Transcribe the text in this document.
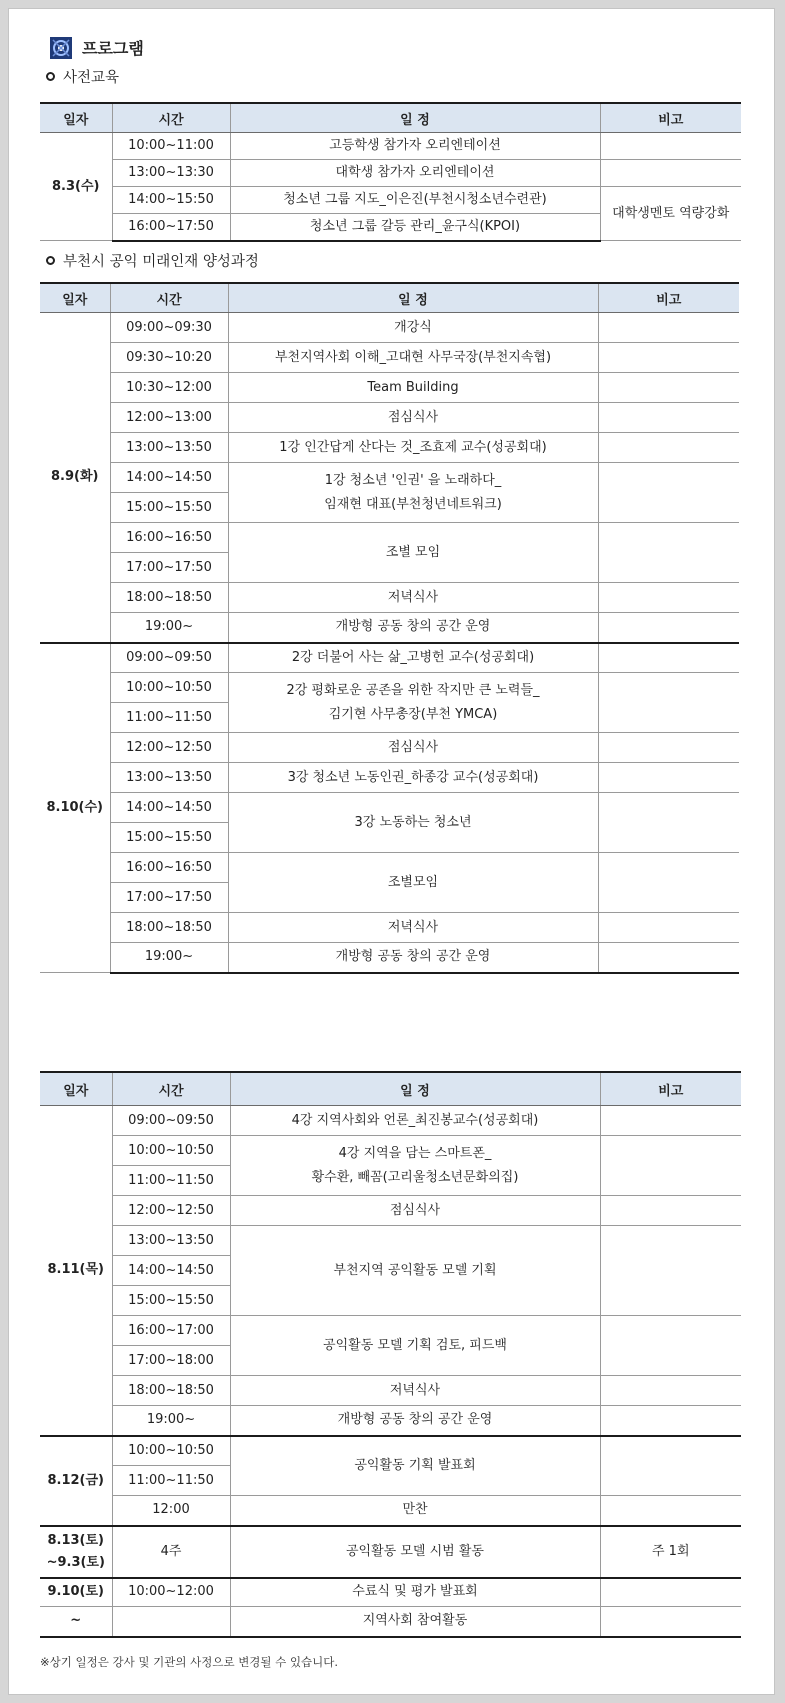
프로그램
사전교육
일자	시간	일 정	비고
8.3(수)	10:00~11:00	고등학생 참가자 오리엔테이션	
	13:00~13:30	대학생 참가자 오리엔테이션	
	14:00~15:50	청소년 그룹 지도_이은진(부천시청소년수련관)	대학생멘토 역량강화
	16:00~17:50	청소년 그룹 갈등 관리_윤구식(KPOI)	
부천시 공익 미래인재 양성과정
일자	시간	일 정	비고
8.9(화)	09:00~09:30	개강식	
	09:30~10:20	부천지역사회 이해_고대현 사무국장(부천지속협)	
	10:30~12:00	Team Building	
	12:00~13:00	점심식사	
	13:00~13:50	1강 인간답게 산다는 것_조효제 교수(성공회대)	
	14:00~14:50	1강 청소년 '인권' 을 노래하다_
임재현 대표(부천청년네트워크)	

	15:00~15:50		
	16:00~16:50	조별 모임	
	17:00~17:50		
	18:00~18:50	저녁식사	
	19:00~	개방형 공동 창의 공간 운영	
8.10(수)	09:00~09:50	2강 더불어 사는 삶_고병헌 교수(성공회대)	
	10:00~10:50	2강 평화로운 공존을 위한 작지만 큰 노력들_
김기현 사무총장(부천 YMCA)	

	11:00~11:50		
	12:00~12:50	점심식사	
	13:00~13:50	3강 청소년 노동인권_하종강 교수(성공회대)	
	14:00~14:50	3강 노동하는 청소년	
	15:00~15:50		
	16:00~16:50	조별모임	
	17:00~17:50		
	18:00~18:50	저녁식사	
	19:00~	개방형 공동 창의 공간 운영	
일자	시간	일 정	비고
8.11(목)	09:00~09:50	4강 지역사회와 언론_최진봉교수(성공회대)	
	10:00~10:50	4강 지역을 담는 스마트폰_
황수환, 빼꼼(고리울청소년문화의집)	

	11:00~11:50		
	12:00~12:50	점심식사	
	13:00~13:50	부천지역 공익활동 모델 기획	
	14:00~14:50		
	15:00~15:50		
	16:00~17:00	공익활동 모델 기획 검토, 피드백	
	17:00~18:00		
	18:00~18:50	저녁식사	
	19:00~	개방형 공동 창의 공간 운영	
8.12(금)	10:00~10:50	공익활동 기획 발표회	
	11:00~11:50		
	12:00	만찬	

8.13(토)
~9.3(토)	4주	공익활동 모델 시범 활동	주 1회
9.10(토)	10:00~12:00	수료식 및 평가 발표회	
~		지역사회 참여활동	
※상기 일정은 강사 및 기관의 사정으로 변경될 수 있습니다.
